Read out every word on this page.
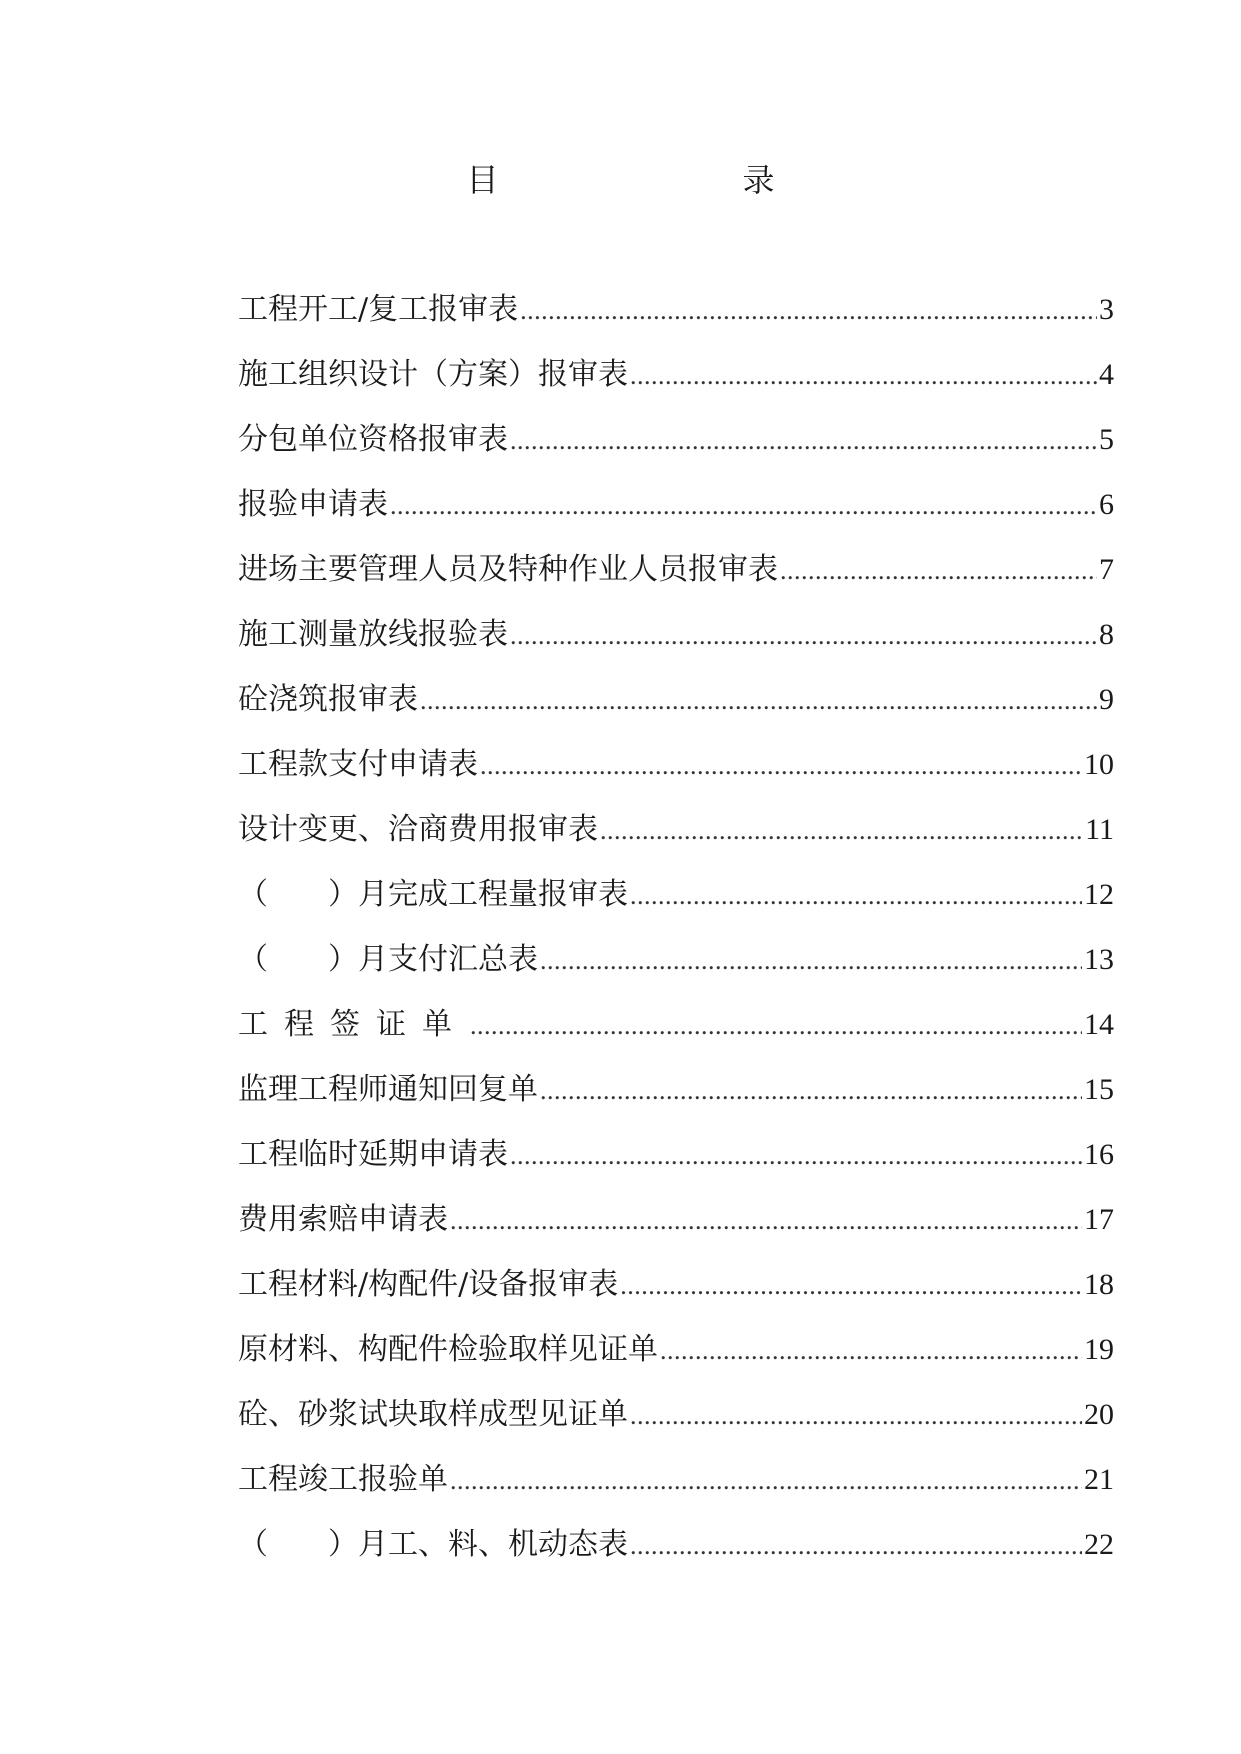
目　　录
工程开工/复工报审表 .....	3
施工组织设计（方案）报审表 .....	4
分包单位资格报审表 .....	5
报验申请表 .....	6
进场主要管理人员及特种作业人员报审表 .....	7
施工测量放线报验表 .....	8
砼浇筑报审表 .....	9
工程款支付申请表 .....	10
设计变更、洽商费用报审表 .....	11
（　　）月完成工程量报审表 .....	12
（　　）月支付汇总表 .....	13
工程签证单 .....	14
监理工程师通知回复单 .....	15
工程临时延期申请表 .....	16
费用索赔申请表 .....	17
工程材料/构配件/设备报审表 .....	18
原材料、构配件检验取样见证单 .....	19
砼、砂浆试块取样成型见证单 .....	20
工程竣工报验单 .....	21
（　　）月工、料、机动态表 .....	22
